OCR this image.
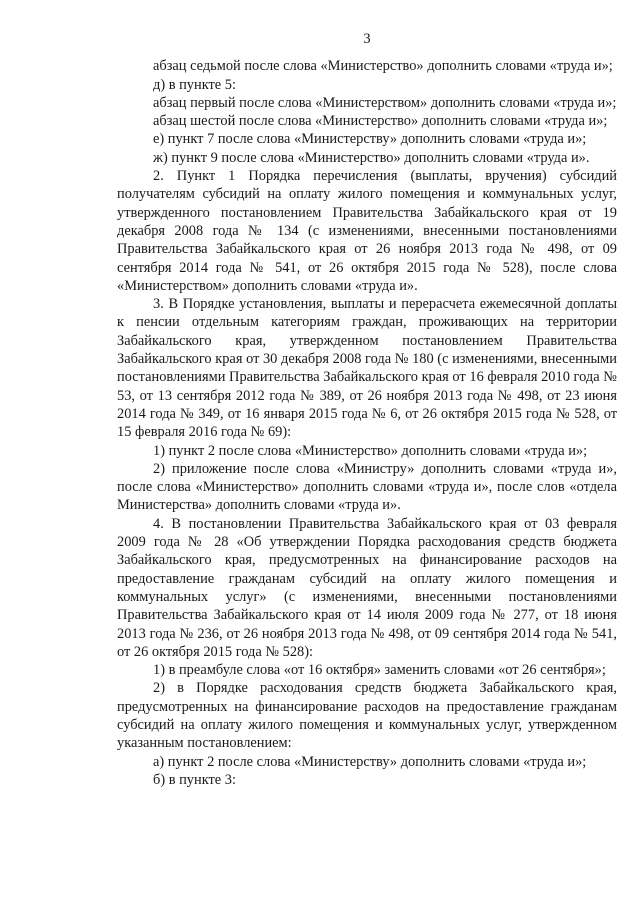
3

абзац седьмой после слова «Министерство» дополнить словами «труда и»;

д) в пункте 5:

абзац первый после слова «Министерством» дополнить словами «труда и»;

абзац шестой после слова «Министерство» дополнить словами «труда и»;

е) пункт 7 после слова «Министерству» дополнить словами «труда и»;

ж) пункт 9 после слова «Министерство» дополнить словами «труда и».

2. Пункт 1 Порядка перечисления (выплаты, вручения) субсидий получателям субсидий на оплату жилого помещения и коммунальных услуг, утвержденного постановлением Правительства Забайкальского края от 19 декабря 2008 года № 134 (с изменениями, внесенными постановлениями Правительства Забайкальского края от 26 ноября 2013 года № 498, от 09 сентября 2014 года № 541, от 26 октября 2015 года № 528), после слова «Министерством» дополнить словами «труда и».

3. В Порядке установления, выплаты и перерасчета ежемесячной доплаты к пенсии отдельным категориям граждан, проживающих на территории Забайкальского края, утвержденном постановлением Правительства Забайкальского края от 30 декабря 2008 года № 180 (с изменениями, внесенными постановлениями Правительства Забайкальского края от 16 февраля 2010 года № 53, от 13 сентября 2012 года № 389, от 26 ноября 2013 года № 498, от 23 июня 2014 года № 349, от 16 января 2015 года № 6, от 26 октября 2015 года № 528, от 15 февраля 2016 года № 69):

1) пункт 2 после слова «Министерство» дополнить словами «труда и»;

2) приложение после слова «Министру» дополнить словами «труда и», после слова «Министерство» дополнить словами «труда и», после слов «отдела Министерства» дополнить словами «труда и».

4. В постановлении Правительства Забайкальского края от 03 февраля 2009 года № 28 «Об утверждении Порядка расходования средств бюджета Забайкальского края, предусмотренных на финансирование расходов на предоставление гражданам субсидий на оплату жилого помещения и коммунальных услуг» (с изменениями, внесенными постановлениями Правительства Забайкальского края от 14 июля 2009 года № 277, от 18 июня 2013 года № 236, от 26 ноября 2013 года № 498, от 09 сентября 2014 года № 541, от 26 октября 2015 года № 528):

1) в преамбуле слова «от 16 октября» заменить словами «от 26 сентября»;

2) в Порядке расходования средств бюджета Забайкальского края, предусмотренных на финансирование расходов на предоставление гражданам субсидий на оплату жилого помещения и коммунальных услуг, утвержденном указанным постановлением:

а) пункт 2 после слова «Министерству» дополнить словами «труда и»;

б) в пункте 3:
